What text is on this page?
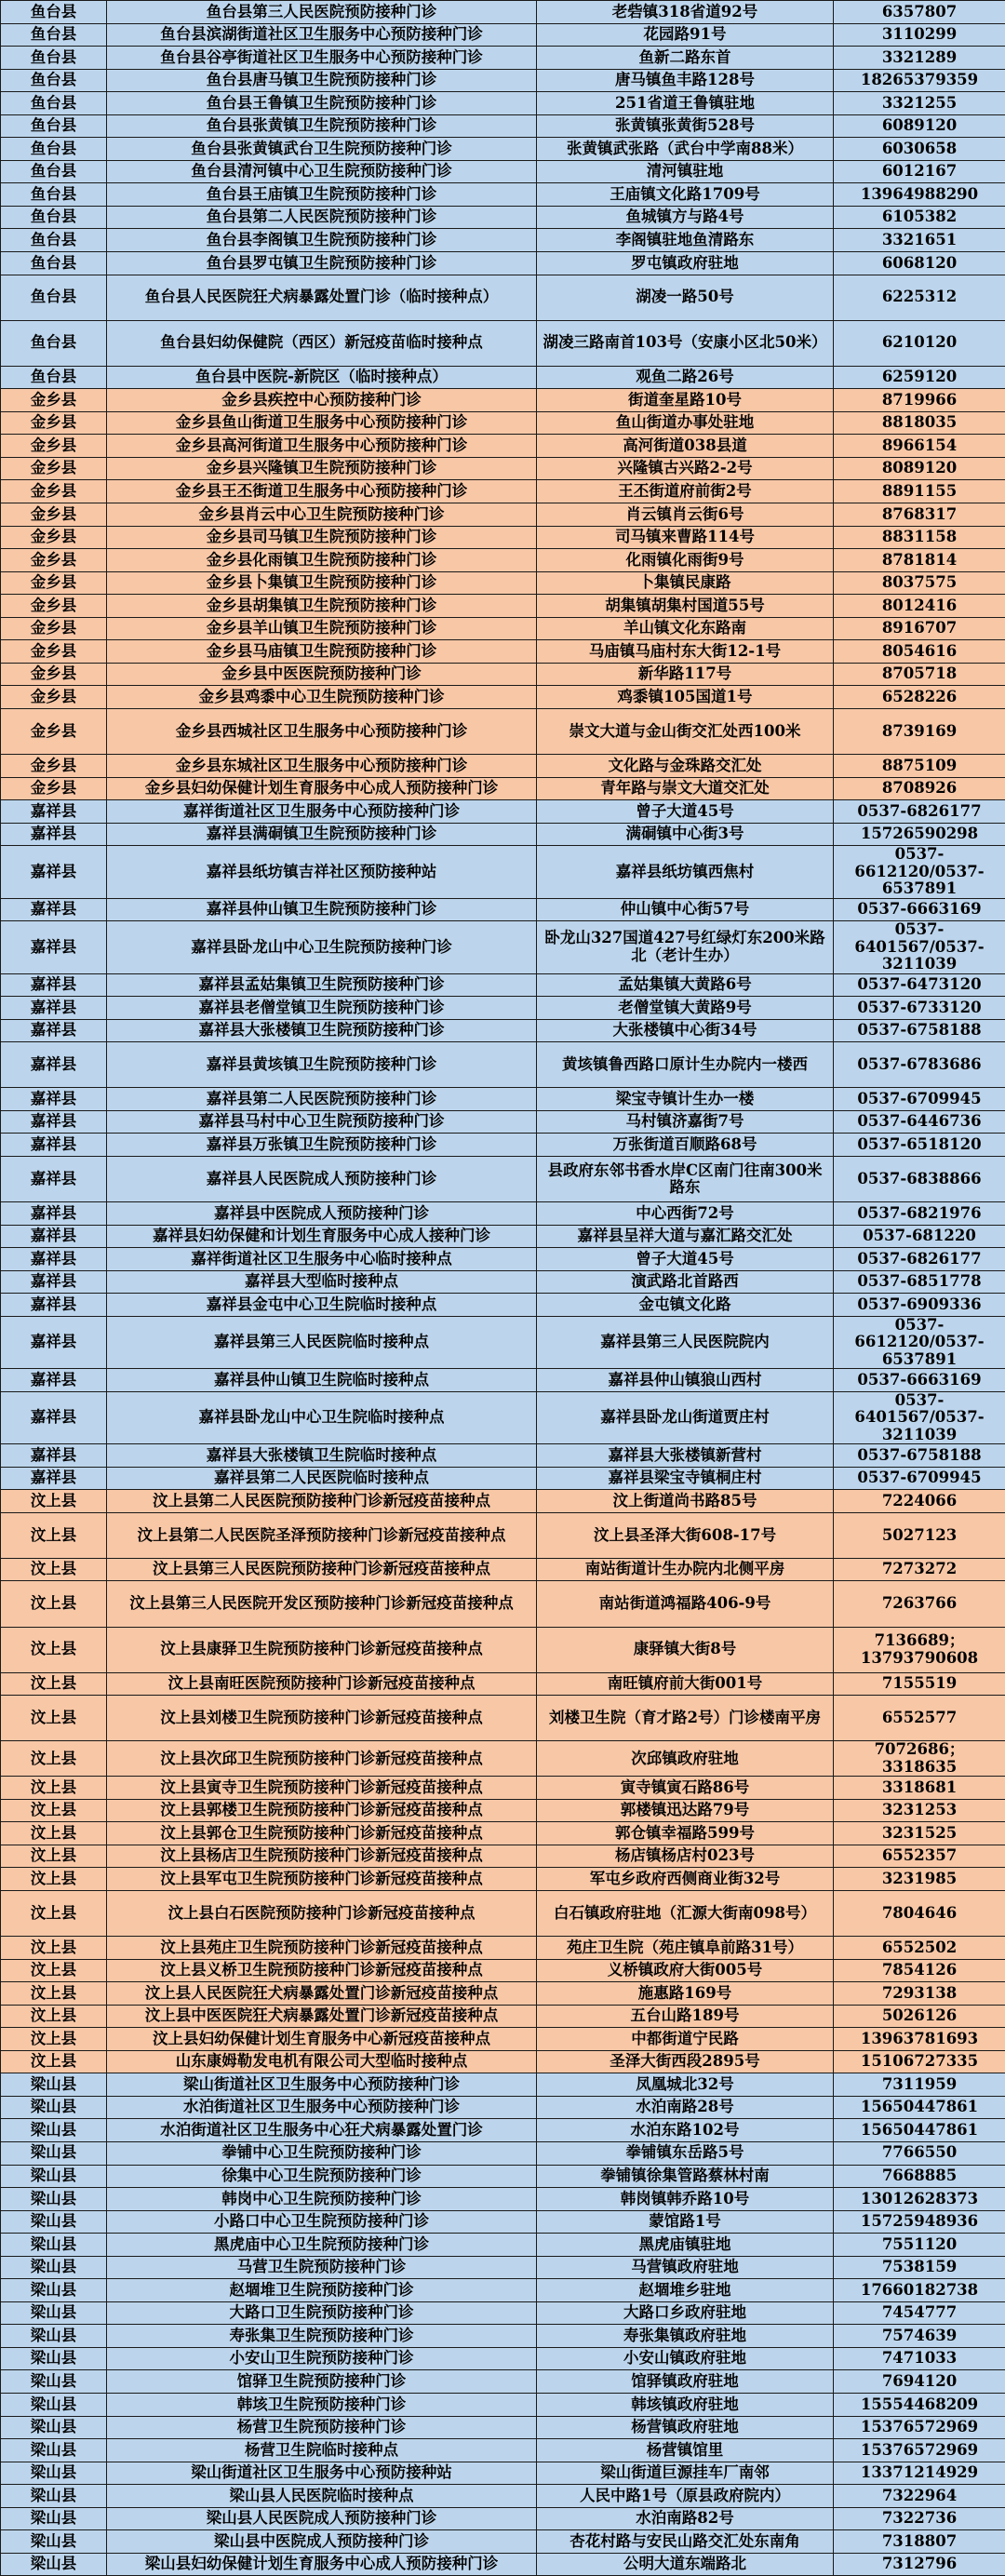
鱼台县	鱼台县第三人民医院预防接种门诊	老砦镇318省道92号	6357807
鱼台县	鱼台县滨湖街道社区卫生服务中心预防接种门诊	花园路91号	3110299
鱼台县	鱼台县谷亭街道社区卫生服务中心预防接种门诊	鱼新二路东首	3321289
鱼台县	鱼台县唐马镇卫生院预防接种门诊	唐马镇鱼丰路128号	18265379359
鱼台县	鱼台县王鲁镇卫生院预防接种门诊	251省道王鲁镇驻地	3321255
鱼台县	鱼台县张黄镇卫生院预防接种门诊	张黄镇张黄街528号	6089120
鱼台县	鱼台县张黄镇武台卫生院预防接种门诊	张黄镇武张路（武台中学南88米）	6030658
鱼台县	鱼台县清河镇中心卫生院预防接种门诊	清河镇驻地	6012167
鱼台县	鱼台县王庙镇卫生院预防接种门诊	王庙镇文化路1709号	13964988290
鱼台县	鱼台县第二人民医院预防接种门诊	鱼城镇方与路4号	6105382
鱼台县	鱼台县李阁镇卫生院预防接种门诊	李阁镇驻地鱼清路东	3321651
鱼台县	鱼台县罗屯镇卫生院预防接种门诊	罗屯镇政府驻地	6068120
鱼台县	鱼台县人民医院狂犬病暴露处置门诊（临时接种点）	湖凌一路50号	6225312
鱼台县	鱼台县妇幼保健院（西区）新冠疫苗临时接种点	湖凌三路南首103号（安康小区北50米）	6210120
鱼台县	鱼台县中医院-新院区（临时接种点）	观鱼二路26号	6259120
金乡县	金乡县疾控中心预防接种门诊	街道奎星路10号	8719966
金乡县	金乡县鱼山街道卫生服务中心预防接种门诊	鱼山街道办事处驻地	8818035
金乡县	金乡县高河街道卫生服务中心预防接种门诊	高河街道038县道	8966154
金乡县	金乡县兴隆镇卫生院预防接种门诊	兴隆镇古兴路2-2号	8089120
金乡县	金乡县王丕街道卫生服务中心预防接种门诊	王丕街道府前街2号	8891155
金乡县	金乡县肖云中心卫生院预防接种门诊	肖云镇肖云街6号	8768317
金乡县	金乡县司马镇卫生院预防接种门诊	司马镇来曹路114号	8831158
金乡县	金乡县化雨镇卫生院预防接种门诊	化雨镇化雨街9号	8781814
金乡县	金乡县卜集镇卫生院预防接种门诊	卜集镇民康路	8037575
金乡县	金乡县胡集镇卫生院预防接种门诊	胡集镇胡集村国道55号	8012416
金乡县	金乡县羊山镇卫生院预防接种门诊	羊山镇文化东路南	8916707
金乡县	金乡县马庙镇卫生院预防接种门诊	马庙镇马庙村东大街12-1号	8054616
金乡县	金乡县中医医院预防接种门诊	新华路117号	8705718
金乡县	金乡县鸡黍中心卫生院预防接种门诊	鸡黍镇105国道1号	6528226
金乡县	金乡县西城社区卫生服务中心预防接种门诊	崇文大道与金山街交汇处西100米	8739169
金乡县	金乡县东城社区卫生服务中心预防接种门诊	文化路与金珠路交汇处	8875109
金乡县	金乡县妇幼保健计划生育服务中心成人预防接种门诊	青年路与崇文大道交汇处	8708926
嘉祥县	嘉祥街道社区卫生服务中心预防接种门诊	曾子大道45号	0537-6826177
嘉祥县	嘉祥县满硐镇卫生院预防接种门诊	满硐镇中心街3号	15726590298
嘉祥县	嘉祥县纸坊镇吉祥社区预防接种站	嘉祥县纸坊镇西焦村	0537-6612120/0537-6537891
嘉祥县	嘉祥县仲山镇卫生院预防接种门诊	仲山镇中心街57号	0537-6663169
嘉祥县	嘉祥县卧龙山中心卫生院预防接种门诊	卧龙山327国道427号红绿灯东200米路北（老计生办）	0537-6401567/0537-3211039
嘉祥县	嘉祥县孟姑集镇卫生院预防接种门诊	孟姑集镇大黄路6号	0537-6473120
嘉祥县	嘉祥县老僧堂镇卫生院预防接种门诊	老僧堂镇大黄路9号	0537-6733120
嘉祥县	嘉祥县大张楼镇卫生院预防接种门诊	大张楼镇中心街34号	0537-6758188
嘉祥县	嘉祥县黄垓镇卫生院预防接种门诊	黄垓镇鲁西路口原计生办院内一楼西	0537-6783686
嘉祥县	嘉祥县第二人民医院预防接种门诊	梁宝寺镇计生办一楼	0537-6709945
嘉祥县	嘉祥县马村中心卫生院预防接种门诊	马村镇济嘉街7号	0537-6446736
嘉祥县	嘉祥县万张镇卫生院预防接种门诊	万张街道百顺路68号	0537-6518120
嘉祥县	嘉祥县人民医院成人预防接种门诊	县政府东邻书香水岸C区南门往南300米路东	0537-6838866
嘉祥县	嘉祥县中医院成人预防接种门诊	中心西街72号	0537-6821976
嘉祥县	嘉祥县妇幼保健和计划生育服务中心成人接种门诊	嘉祥县呈祥大道与嘉汇路交汇处	0537-681220
嘉祥县	嘉祥街道社区卫生服务中心临时接种点	曾子大道45号	0537-6826177
嘉祥县	嘉祥县大型临时接种点	演武路北首路西	0537-6851778
嘉祥县	嘉祥县金屯中心卫生院临时接种点	金屯镇文化路	0537-6909336
嘉祥县	嘉祥县第三人民医院临时接种点	嘉祥县第三人民医院院内	0537-6612120/0537-6537891
嘉祥县	嘉祥县仲山镇卫生院临时接种点	嘉祥县仲山镇狼山西村	0537-6663169
嘉祥县	嘉祥县卧龙山中心卫生院临时接种点	嘉祥县卧龙山街道贾庄村	0537-6401567/0537-3211039
嘉祥县	嘉祥县大张楼镇卫生院临时接种点	嘉祥县大张楼镇新营村	0537-6758188
嘉祥县	嘉祥县第二人民医院临时接种点	嘉祥县梁宝寺镇桐庄村	0537-6709945
汶上县	汶上县第二人民医院预防接种门诊新冠疫苗接种点	汶上街道尚书路85号	7224066
汶上县	汶上县第二人民医院圣泽预防接种门诊新冠疫苗接种点	汶上县圣泽大街608-17号	5027123
汶上县	汶上县第三人民医院预防接种门诊新冠疫苗接种点	南站街道计生办院内北侧平房	7273272
汶上县	汶上县第三人民医院开发区预防接种门诊新冠疫苗接种点	南站街道鸿福路406-9号	7263766
汶上县	汶上县康驿卫生院预防接种门诊新冠疫苗接种点	康驿镇大街8号	7136689；13793790608
汶上县	汶上县南旺医院预防接种门诊新冠疫苗接种点	南旺镇府前大街001号	7155519
汶上县	汶上县刘楼卫生院预防接种门诊新冠疫苗接种点	刘楼卫生院（育才路2号）门诊楼南平房	6552577
汶上县	汶上县次邱卫生院预防接种门诊新冠疫苗接种点	次邱镇政府驻地	7072686；3318635
汶上县	汶上县寅寺卫生院预防接种门诊新冠疫苗接种点	寅寺镇寅石路86号	3318681
汶上县	汶上县郭楼卫生院预防接种门诊新冠疫苗接种点	郭楼镇迅达路79号	3231253
汶上县	汶上县郭仓卫生院预防接种门诊新冠疫苗接种点	郭仓镇幸福路599号	3231525
汶上县	汶上县杨店卫生院预防接种门诊新冠疫苗接种点	杨店镇杨店村023号	6552357
汶上县	汶上县军屯卫生院预防接种门诊新冠疫苗接种点	军屯乡政府西侧商业街32号	3231985
汶上县	汶上县白石医院预防接种门诊新冠疫苗接种点	白石镇政府驻地（汇源大街南098号）	7804646
汶上县	汶上县苑庄卫生院预防接种门诊新冠疫苗接种点	苑庄卫生院（苑庄镇阜前路31号）	6552502
汶上县	汶上县义桥卫生院预防接种门诊新冠疫苗接种点	义桥镇政府大街005号	7854126
汶上县	汶上县人民医院狂犬病暴露处置门诊新冠疫苗接种点	施惠路169号	7293138
汶上县	汶上县中医医院狂犬病暴露处置门诊新冠疫苗接种点	五台山路189号	5026126
汶上县	汶上县妇幼保健计划生育服务中心新冠疫苗接种点	中都街道宁民路	13963781693
汶上县	山东康姆勒发电机有限公司大型临时接种点	圣泽大街西段2895号	15106727335
梁山县	梁山街道社区卫生服务中心预防接种门诊	凤凰城北32号	7311959
梁山县	水泊街道社区卫生服务中心预防接种门诊	水泊南路28号	15650447861
梁山县	水泊街道社区卫生服务中心狂犬病暴露处置门诊	水泊东路102号	15650447861
梁山县	拳铺中心卫生院预防接种门诊	拳铺镇东岳路5号	7766550
梁山县	徐集中心卫生院预防接种门诊	拳铺镇徐集管路蔡林村南	7668885
梁山县	韩岗中心卫生院预防接种门诊	韩岗镇韩乔路10号	13012628373
梁山县	小路口中心卫生院预防接种门诊	蒙馆路1号	15725948936
梁山县	黑虎庙中心卫生院预防接种门诊	黑虎庙镇驻地	7551120
梁山县	马营卫生院预防接种门诊	马营镇政府驻地	7538159
梁山县	赵堌堆卫生院预防接种门诊	赵堌堆乡驻地	17660182738
梁山县	大路口卫生院预防接种门诊	大路口乡政府驻地	7454777
梁山县	寿张集卫生院预防接种门诊	寿张集镇政府驻地	7574639
梁山县	小安山卫生院预防接种门诊	小安山镇政府驻地	7471033
梁山县	馆驿卫生院预防接种门诊	馆驿镇政府驻地	7694120
梁山县	韩垓卫生院预防接种门诊	韩垓镇政府驻地	15554468209
梁山县	杨营卫生院预防接种门诊	杨营镇政府驻地	15376572969
梁山县	杨营卫生院临时接种点	杨营镇馆里	15376572969
梁山县	梁山街道社区卫生服务中心预防接种站	梁山街道巨源挂车厂南邻	13371214929
梁山县	梁山县人民医院临时接种点	人民中路1号（原县政府院内）	7322964
梁山县	梁山县人民医院成人预防接种门诊	水泊南路82号	7322736
梁山县	梁山县中医院成人预防接种门诊	杏花村路与安民山路交汇处东南角	7318807
梁山县	梁山县妇幼保健计划生育服务中心成人预防接种门诊	公明大道东端路北	7312796
